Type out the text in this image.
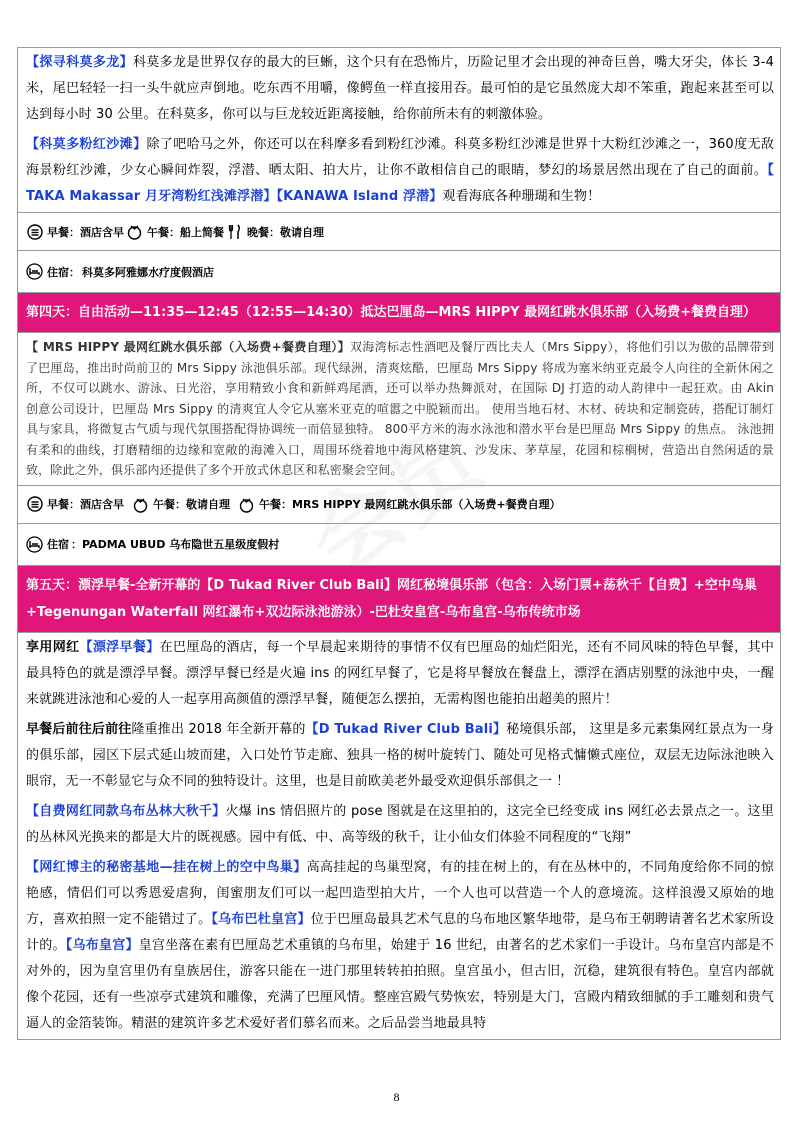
【探寻科莫多龙】科莫多龙是世界仅存的最大的巨蜥，这个只有在恐怖片，历险记里才会出现的神奇巨兽，嘴大牙尖，体长 3-4 米，尾巴轻轻一扫一头牛就应声倒地。吃东西不用嚼，像鳄鱼一样直接用吞。最可怕的是它虽然庞大却不笨重，跑起来甚至可以达到每小时 30 公里。在科莫多，你可以与巨龙较近距离接触，给你前所未有的刺激体验。
【科莫多粉红沙滩】除了吧哈马之外，你还可以在科摩多看到粉红沙滩。科莫多粉红沙滩是世界十大粉红沙滩之一，360度无敌海景粉红沙滩，少女心瞬间炸裂，浮潜、晒太阳、拍大片，让你不敢相信自己的眼睛，梦幻的场景居然出现在了自己的面前。【 TAKA Makassar 月牙湾粉红浅滩浮潜】【KANAWA Island 浮潜】观看海底各种珊瑚和生物！
早餐：酒店含早 午餐：船上简餐 晚餐：敬请自理
住宿： 科莫多阿雅娜水疗度假酒店
第四天：自由活动—11:35—12:45（12:55—14:30）抵达巴厘岛—MRS HIPPY 最网红跳水俱乐部（入场费+餐费自理）
【 MRS HIPPY 最网红跳水俱乐部（入场费+餐费自理）】双海湾标志性酒吧及餐厅西比夫人（Mrs Sippy），将他们引以为傲的品牌带到了巴厘岛，推出时尚前卫的 Mrs Sippy 泳池俱乐部。现代绿洲，清爽炫酷，巴厘岛 Mrs Sippy 将成为塞米纳亚克最令人向往的全新休闲之所，不仅可以跳水、游泳、日光浴，享用精致小食和新鲜鸡尾酒，还可以举办热舞派对，在国际 DJ 打造的动人韵律中一起狂欢。由 Akin 创意公司设计，巴厘岛 Mrs Sippy 的清爽宜人令它从塞米亚克的喧嚣之中脱颖而出。 使用当地石材、木材、砖块和定制瓷砖，搭配订制灯具与家具，将微复古气质与现代氛围搭配得协调统一而倍显独特。 800平方米的海水泳池和潜水平台是巴厘岛 Mrs Sippy 的焦点。 泳池拥有柔和的曲线，打磨精细的边缘和宽敞的海滩入口，周围环绕着地中海风格建筑、沙发床、茅草屋，花园和棕榈树，营造出自然闲适的景致，除此之外，俱乐部内还提供了多个开放式休息区和私密聚会空间。
早餐：酒店含早	午餐：敬请自理	午餐：MRS HIPPY 最网红跳水俱乐部（入场费+餐费自理）
住宿 ：PADMA UBUD 乌布隐世五星级度假村
第五天：漂浮早餐-全新开幕的【D Tukad River Club Bali】网红秘境俱乐部（包含：入场门票+荡秋千【自费】+空中鸟巢+Tegenungan Waterfall 网红瀑布+双边际泳池游泳）-巴杜安皇宫-乌布皇宫-乌布传统市场
享用网红【漂浮早餐】在巴厘岛的酒店，每一个早晨起来期待的事情不仅有巴厘岛的灿烂阳光，还有不同风味的特色早餐，其中最具特色的就是漂浮早餐。漂浮早餐已经是火遍 ins 的网红早餐了，它是将早餐放在餐盘上，漂浮在酒店别墅的泳池中央，一醒来就跳进泳池和心爱的人一起享用高颜值的漂浮早餐，随便怎么摆拍，无需构图也能拍出超美的照片！
早餐后前往后前往隆重推出 2018 年全新开幕的【D Tukad River Club Bali】秘境俱乐部， 这里是多元素集网红景点为一身的俱乐部，园区下层式延山坡而建，入口处竹节走廊、独具一格的树叶旋转门、随处可见格式慵懒式座位，双层无边际泳池映入眼帘，无一不彰显它与众不同的独特设计。这里，也是目前欧美老外最受欢迎俱乐部俱之一 ！
【自费网红同款乌布丛林大秋千】火爆 ins 情侣照片的 pose 图就是在这里拍的，这完全已经变成 ins 网红必去景点之一。这里的丛林风光换来的都是大片的既视感。园中有低、中、高等级的秋千，让小仙女们体验不同程度的“飞翔”
【网红博主的秘密基地—挂在树上的空中鸟巢】高高挂起的鸟巢型窝，有的挂在树上的，有在丛林中的，不同角度给你不同的惊艳感，情侣们可以秀恩爱虐狗，闺蜜朋友们可以一起凹造型拍大片，一个人也可以营造一个人的意境流。这样浪漫又原始的地方，喜欢拍照一定不能错过了。【乌布巴杜皇宫】位于巴厘岛最具艺术气息的乌布地区繁华地带，是乌布王朝聘请著名艺术家所设计的。【乌布皇宫】皇宫坐落在素有巴厘岛艺术重镇的乌布里，始建于 16 世纪，由著名的艺术家们一手设计。乌布皇宫内部是不对外的，因为皇宫里仍有皇族居住，游客只能在一进门那里转转拍拍照。皇宫虽小，但古旧，沉稳，建筑很有特色。皇宫内部就像个花园，还有一些凉亭式建筑和雕像，充满了巴厘风情。整座宫殿气势恢宏，特别是大门，宫殿内精致细腻的手工雕刻和贵气逼人的金箔装饰。精湛的建筑许多艺术爱好者们慕名而来。之后品尝当地最具特
8
